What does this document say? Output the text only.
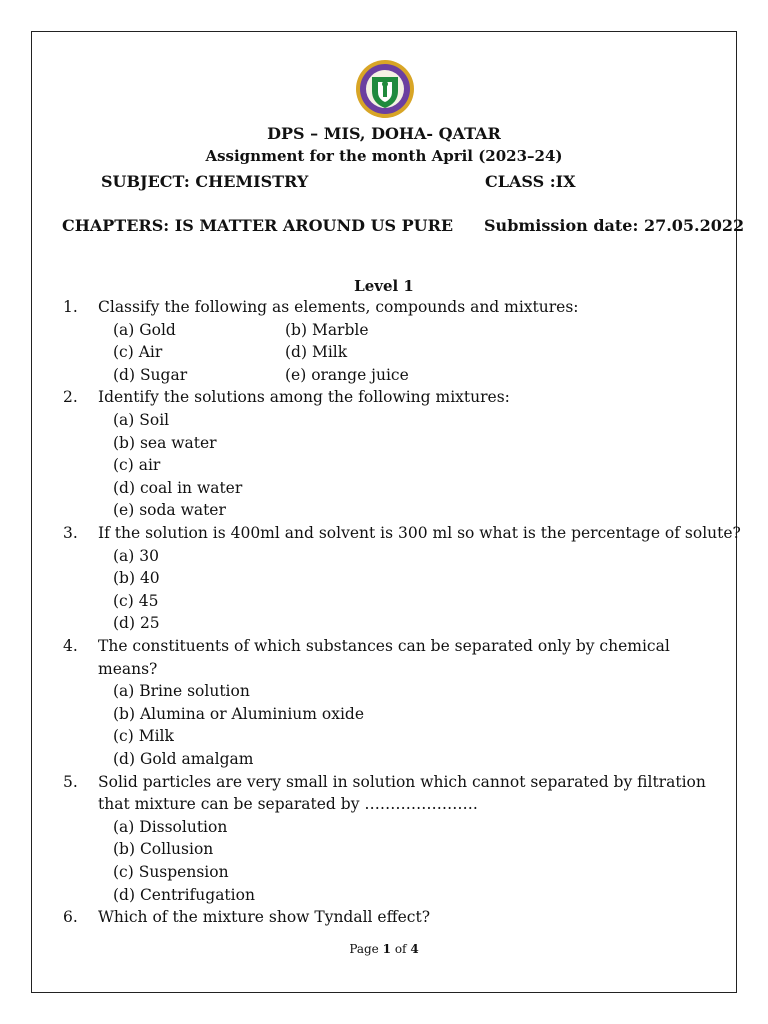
DPS – MIS, DOHA- QATAR
Assignment for the month April (2023–24)
SUBJECT: CHEMISTRY	CLASS :IX
CHAPTERS: IS MATTER AROUND US PURE Submission date: 27.05.2022
Level 1
1. Classify the following as elements, compounds and mixtures:
(a) Gold	(b) Marble
(c) Air	(d) Milk
(d) Sugar	(e) orange juice
2. Identify the solutions among the following mixtures:
(a) Soil
(b) sea water
(c) air
(d) coal in water
(e) soda water
3. If the solution is 400ml and solvent is 300 ml so what is the percentage of solute?
(a) 30
(b) 40
(c) 45
(d) 25
4. The constituents of which substances can be separated only by chemical
means?
(a) Brine solution
(b) Alumina or Aluminium oxide
(c) Milk
(d) Gold amalgam
5. Solid particles are very small in solution which cannot separated by filtration
that mixture can be separated by ………………….
(a) Dissolution
(b) Collusion
(c) Suspension
(d) Centrifugation
6. Which of the mixture show Tyndall effect?
Page 1 of 4
